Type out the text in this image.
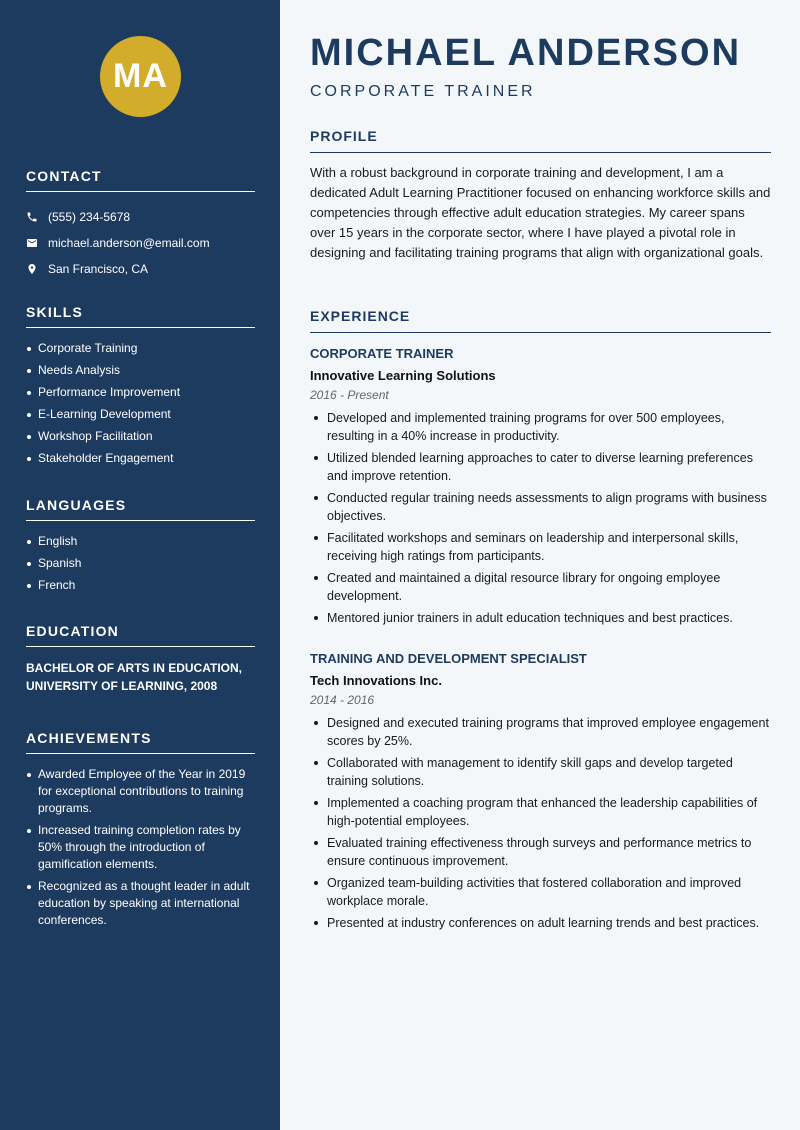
MA
CONTACT
(555) 234-5678
michael.anderson@email.com
San Francisco, CA
SKILLS
Corporate Training
Needs Analysis
Performance Improvement
E-Learning Development
Workshop Facilitation
Stakeholder Engagement
LANGUAGES
English
Spanish
French
EDUCATION
BACHELOR OF ARTS IN EDUCATION, UNIVERSITY OF LEARNING, 2008
ACHIEVEMENTS
Awarded Employee of the Year in 2019 for exceptional contributions to training programs.
Increased training completion rates by 50% through the introduction of gamification elements.
Recognized as a thought leader in adult education by speaking at international conferences.
MICHAEL ANDERSON
CORPORATE TRAINER
PROFILE
With a robust background in corporate training and development, I am a dedicated Adult Learning Practitioner focused on enhancing workforce skills and competencies through effective adult education strategies. My career spans over 15 years in the corporate sector, where I have played a pivotal role in designing and facilitating training programs that align with organizational goals.
EXPERIENCE
CORPORATE TRAINER
Innovative Learning Solutions
2016 - Present
Developed and implemented training programs for over 500 employees, resulting in a 40% increase in productivity.
Utilized blended learning approaches to cater to diverse learning preferences and improve retention.
Conducted regular training needs assessments to align programs with business objectives.
Facilitated workshops and seminars on leadership and interpersonal skills, receiving high ratings from participants.
Created and maintained a digital resource library for ongoing employee development.
Mentored junior trainers in adult education techniques and best practices.
TRAINING AND DEVELOPMENT SPECIALIST
Tech Innovations Inc.
2014 - 2016
Designed and executed training programs that improved employee engagement scores by 25%.
Collaborated with management to identify skill gaps and develop targeted training solutions.
Implemented a coaching program that enhanced the leadership capabilities of high-potential employees.
Evaluated training effectiveness through surveys and performance metrics to ensure continuous improvement.
Organized team-building activities that fostered collaboration and improved workplace morale.
Presented at industry conferences on adult learning trends and best practices.
